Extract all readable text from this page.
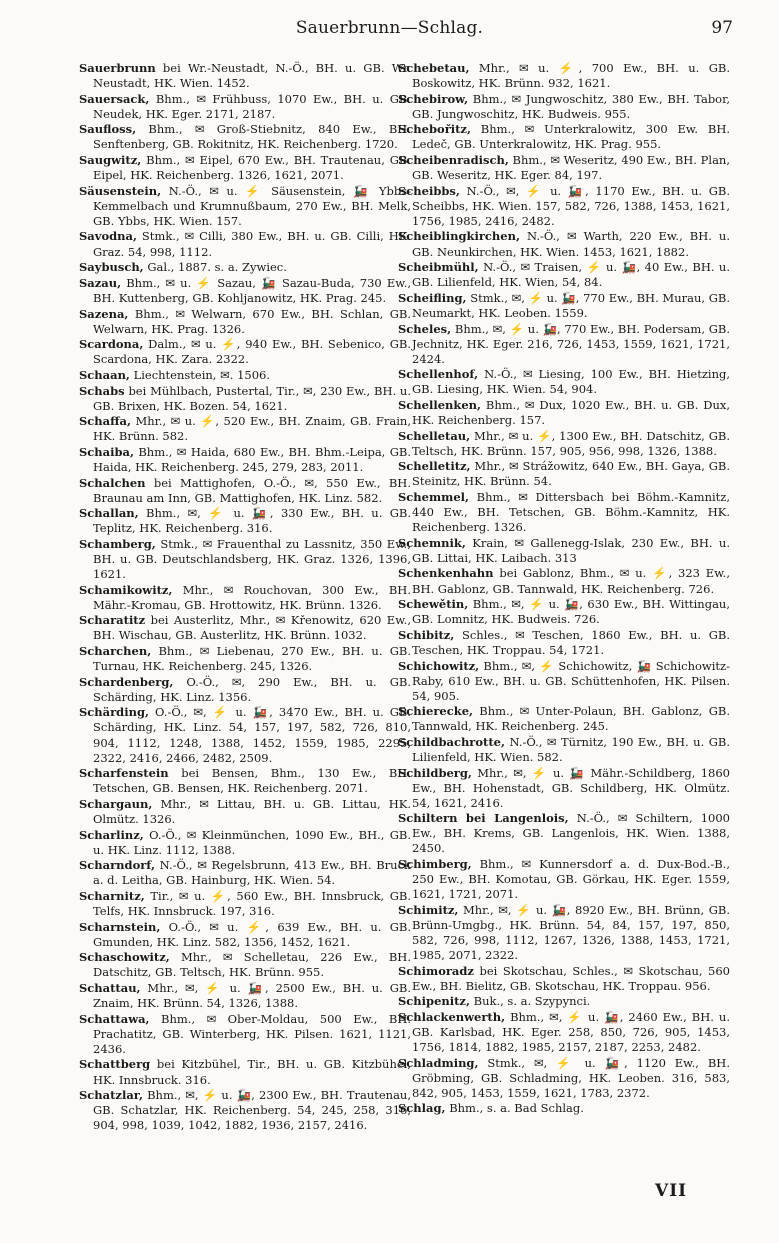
Sauerbrunn—Schlag.	97

Sauerbrunn bei Wr.-Neustadt, N.-Ö., BH. u. GB. Wr. Neustadt, HK. Wien. 1452.

Sauersack, Bhm., ✉ Frühbuss, 1070 Ew., BH. u. GB. Neudek, HK. Eger. 2171, 2187.

Saufloss, Bhm., ✉ Groß-Stiebnitz, 840 Ew., BH. Senftenberg, GB. Rokitnitz, HK. Reichenberg. 1720.

Saugwitz, Bhm., ✉ Eipel, 670 Ew., BH. Trautenau, GB. Eipel, HK. Reichenberg. 1326, 1621, 2071.

Säusenstein, N.-Ö., ✉ u. ⚡ Säusenstein, 🚂 Ybbs-Kemmelbach und Krumnußbaum, 270 Ew., BH. Melk, GB. Ybbs, HK. Wien. 157.

Savodna, Stmk., ✉ Cilli, 380 Ew., BH. u. GB. Cilli, HK. Graz. 54, 998, 1112.

Saybusch, Gal., 1887. s. a. Zywiec.

Sazau, Bhm., ✉ u. ⚡ Sazau, 🚂 Sazau-Buda, 730 Ew., BH. Kuttenberg, GB. Kohljanowitz, HK. Prag. 245.

Sazena, Bhm., ✉ Welwarn, 670 Ew., BH. Schlan, GB. Welwarn, HK. Prag. 1326.

Scardona, Dalm., ✉ u. ⚡, 940 Ew., BH. Sebenico, GB. Scardona, HK. Zara. 2322.

Schaan, Liechtenstein, ✉. 1506.

Schabs bei Mühlbach, Pustertal, Tir., ✉, 230 Ew., BH. u. GB. Brixen, HK. Bozen. 54, 1621.

Schaffa, Mhr., ✉ u. ⚡, 520 Ew., BH. Znaim, GB. Frain, HK. Brünn. 582.

Schaiba, Bhm., ✉ Haida, 680 Ew., BH. Bhm.-Leipa, GB. Haida, HK. Reichenberg. 245, 279, 283, 2011.

Schalchen bei Mattighofen, O.-Ö., ✉, 550 Ew., BH. Braunau am Inn, GB. Mattighofen, HK. Linz. 582.

Schallan, Bhm., ✉, ⚡ u. 🚂, 330 Ew., BH. u. GB. Teplitz, HK. Reichenberg. 316.

Schamberg, Stmk., ✉ Frauenthal zu Lassnitz, 350 Ew., BH. u. GB. Deutschlandsberg, HK. Graz. 1326, 1396, 1621.

Schamikowitz, Mhr., ✉ Rouchovan, 300 Ew., BH. Mähr.-Kromau, GB. Hrottowitz, HK. Brünn. 1326.

Scharatitz bei Austerlitz, Mhr., ✉ Křenowitz, 620 Ew., BH. Wischau, GB. Austerlitz, HK. Brünn. 1032.

Scharchen, Bhm., ✉ Liebenau, 270 Ew., BH. u. GB. Turnau, HK. Reichenberg. 245, 1326.

Schardenberg, O.-Ö., ✉, 290 Ew., BH. u. GB. Schärding, HK. Linz. 1356.

Schärding, O.-Ö., ✉, ⚡ u. 🚂, 3470 Ew., BH. u. GB. Schärding, HK. Linz. 54, 157, 197, 582, 726, 810, 904, 1112, 1248, 1388, 1452, 1559, 1985, 2295, 2322, 2416, 2466, 2482, 2509.

Scharfenstein bei Bensen, Bhm., 130 Ew., BH. Tetschen, GB. Bensen, HK. Reichenberg. 2071.

Schargaun, Mhr., ✉ Littau, BH. u. GB. Littau, HK. Olmütz. 1326.

Scharlinz, O.-Ö., ✉ Kleinmünchen, 1090 Ew., BH., GB. u. HK. Linz. 1112, 1388.

Scharndorf, N.-Ö., ✉ Regelsbrunn, 413 Ew., BH. Bruck a. d. Leitha, GB. Hainburg, HK. Wien. 54.

Scharnitz, Tir., ✉ u. ⚡, 560 Ew., BH. Innsbruck, GB. Telfs, HK. Innsbruck. 197, 316.

Scharnstein, O.-Ö., ✉ u. ⚡, 639 Ew., BH. u. GB. Gmunden, HK. Linz. 582, 1356, 1452, 1621.

Schaschowitz, Mhr., ✉ Schelletau, 226 Ew., BH. Datschitz, GB. Teltsch, HK. Brünn. 955.

Schattau, Mhr., ✉, ⚡ u. 🚂, 2500 Ew., BH. u. GB. Znaim, HK. Brünn. 54, 1326, 1388.

Schattawa, Bhm., ✉ Ober-Moldau, 500 Ew., BH. Prachatitz, GB. Winterberg, HK. Pilsen. 1621, 1121, 2436.

Schattberg bei Kitzbühel, Tir., BH. u. GB. Kitzbühel, HK. Innsbruck. 316.

Schatzlar, Bhm., ✉, ⚡ u. 🚂, 2300 Ew., BH. Trautenau, GB. Schatzlar, HK. Reichenberg. 54, 245, 258, 316, 904, 998, 1039, 1042, 1882, 1936, 2157, 2416.

Schebetau, Mhr., ✉ u. ⚡, 700 Ew., BH. u. GB. Boskowitz, HK. Brünn. 932, 1621.

Schebirow, Bhm., ✉ Jungwoschitz, 380 Ew., BH. Tabor, GB. Jungwoschitz, HK. Budweis. 955.

Schebořitz, Bhm., ✉ Unterkralowitz, 300 Ew. BH. Ledeč, GB. Unterkralowitz, HK. Prag. 955.

Scheibenradisch, Bhm., ✉ Weseritz, 490 Ew., BH. Plan, GB. Weseritz, HK. Eger. 84, 197.

Scheibbs, N.-Ö., ✉, ⚡ u. 🚂, 1170 Ew., BH. u. GB. Scheibbs, HK. Wien. 157, 582, 726, 1388, 1453, 1621, 1756, 1985, 2416, 2482.

Scheiblingkirchen, N.-Ö., ✉ Warth, 220 Ew., BH. u. GB. Neunkirchen, HK. Wien. 1453, 1621, 1882.

Scheibmühl, N.-Ö., ✉ Traisen, ⚡ u. 🚂, 40 Ew., BH. u. GB. Lilienfeld, HK. Wien, 54, 84.

Scheifling, Stmk., ✉, ⚡ u. 🚂, 770 Ew., BH. Murau, GB. Neumarkt, HK. Leoben. 1559.

Scheles, Bhm., ✉, ⚡ u. 🚂, 770 Ew., BH. Podersam, GB. Jechnitz, HK. Eger. 216, 726, 1453, 1559, 1621, 1721, 2424.

Schellenhof, N.-Ö., ✉ Liesing, 100 Ew., BH. Hietzing, GB. Liesing, HK. Wien. 54, 904.

Schellenken, Bhm., ✉ Dux, 1020 Ew., BH. u. GB. Dux, HK. Reichenberg. 157.

Schelletau, Mhr., ✉ u. ⚡, 1300 Ew., BH. Datschitz, GB. Teltsch, HK. Brünn. 157, 905, 956, 998, 1326, 1388.

Schelletitz, Mhr., ✉ Strážowitz, 640 Ew., BH. Gaya, GB. Steinitz, HK. Brünn. 54.

Schemmel, Bhm., ✉ Dittersbach bei Böhm.-Kamnitz, 440 Ew., BH. Tetschen, GB. Böhm.-Kamnitz, HK. Reichenberg. 1326.

Schemnik, Krain, ✉ Gallenegg-Islak, 230 Ew., BH. u. GB. Littai, HK. Laibach. 313

Schenkenhahn bei Gablonz, Bhm., ✉ u. ⚡, 323 Ew., BH. Gablonz, GB. Tannwald, HK. Reichenberg. 726.

Schewětin, Bhm., ✉, ⚡ u. 🚂, 630 Ew., BH. Wittingau, GB. Lomnitz, HK. Budweis. 726.

Schibitz, Schles., ✉ Teschen, 1860 Ew., BH. u. GB. Teschen, HK. Troppau. 54, 1721.

Schichowitz, Bhm., ✉, ⚡ Schichowitz, 🚂 Schichowitz-Raby, 610 Ew., BH. u. GB. Schüttenhofen, HK. Pilsen. 54, 905.

Schierecke, Bhm., ✉ Unter-Polaun, BH. Gablonz, GB. Tannwald, HK. Reichenberg. 245.

Schildbachrotte, N.-Ö., ✉ Türnitz, 190 Ew., BH. u. GB. Lilienfeld, HK. Wien. 582.

Schildberg, Mhr., ✉, ⚡ u. 🚂 Mähr.-Schildberg, 1860 Ew., BH. Hohenstadt, GB. Schildberg, HK. Olmütz. 54, 1621, 2416.

Schiltern bei Langenlois, N.-Ö., ✉ Schiltern, 1000 Ew., BH. Krems, GB. Langenlois, HK. Wien. 1388, 2450.

Schimberg, Bhm., ✉ Kunnersdorf a. d. Dux-Bod.-B., 250 Ew., BH. Komotau, GB. Görkau, HK. Eger. 1559, 1621, 1721, 2071.

Schimitz, Mhr., ✉, ⚡ u. 🚂, 8920 Ew., BH. Brünn, GB. Brünn-Umgbg., HK. Brünn. 54, 84, 157, 197, 850, 582, 726, 998, 1112, 1267, 1326, 1388, 1453, 1721, 1985, 2071, 2322.

Schimoradz bei Skotschau, Schles., ✉ Skotschau, 560 Ew., BH. Bielitz, GB. Skotschau, HK. Troppau. 956.

Schipenitz, Buk., s. a. Szypynci.

Schlackenwerth, Bhm., ✉, ⚡ u. 🚂, 2460 Ew., BH. u. GB. Karlsbad, HK. Eger. 258, 850, 726, 905, 1453, 1756, 1814, 1882, 1985, 2157, 2187, 2253, 2482.

Schladming, Stmk., ✉, ⚡ u. 🚂, 1120 Ew., BH. Gröbming, GB. Schladming, HK. Leoben. 316, 583, 842, 905, 1453, 1559, 1621, 1783, 2372.

Schlag, Bhm., s. a. Bad Schlag.

VII
